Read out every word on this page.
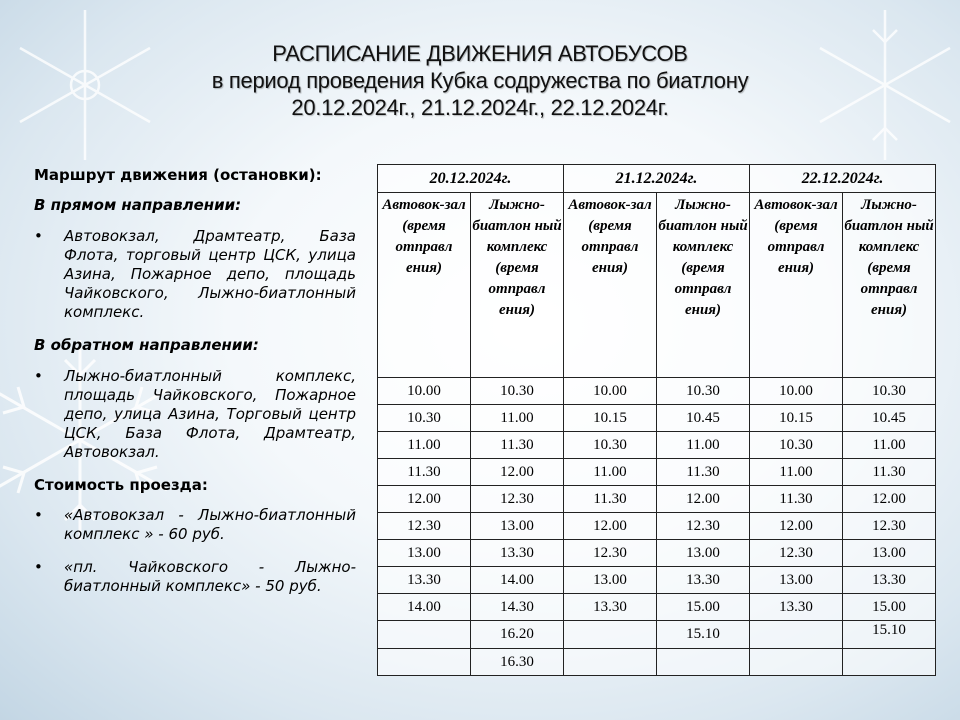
РАСПИСАНИЕ ДВИЖЕНИЯ АВТОБУСОВ
в период проведения Кубка содружества по биатлону
20.12.2024г., 21.12.2024г., 22.12.2024г.
Маршрут движения (остановки):
В прямом направлении:
• Автовокзал, Драмтеатр, База Флота, торговый центр ЦСК, улица Азина, Пожарное депо, площадь Чайковского, Лыжно-биатлонный комплекс.
В обратном направлении:
• Лыжно-биатлонный комплекс, площадь Чайковского, Пожарное депо, улица Азина, Торговый центр ЦСК, База Флота, Драмтеатр, Автовокзал.
Стоимость проезда:
• «Автовокзал - Лыжно-биатлонный комплекс » - 60 руб.
• «пл. Чайковского - Лыжно-биатлонный комплекс» - 50 руб.
20.12.2024г.		21.12.2024г.		22.12.2024г.	
Автовок-зал (время отправл ения)	Лыжно-биатлон ный комплекс (время отправл ения)	Автовок-зал (время отправл ения)	Лыжно-биатлон ный комплекс (время отправл ения)	Автовок-зал (время отправл ения)	Лыжно-биатлон ный комплекс (время отправл ения)
10.00	10.30	10.00	10.30	10.00	10.30
10.30	11.00	10.15	10.45	10.15	10.45
11.00	11.30	10.30	11.00	10.30	11.00
11.30	12.00	11.00	11.30	11.00	11.30
12.00	12.30	11.30	12.00	11.30	12.00
12.30	13.00	12.00	12.30	12.00	12.30
13.00	13.30	12.30	13.00	12.30	13.00
13.30	14.00	13.00	13.30	13.00	13.30
14.00	14.30	13.30	15.00	13.30	15.00
	16.20		15.10		15.10
	16.30				
